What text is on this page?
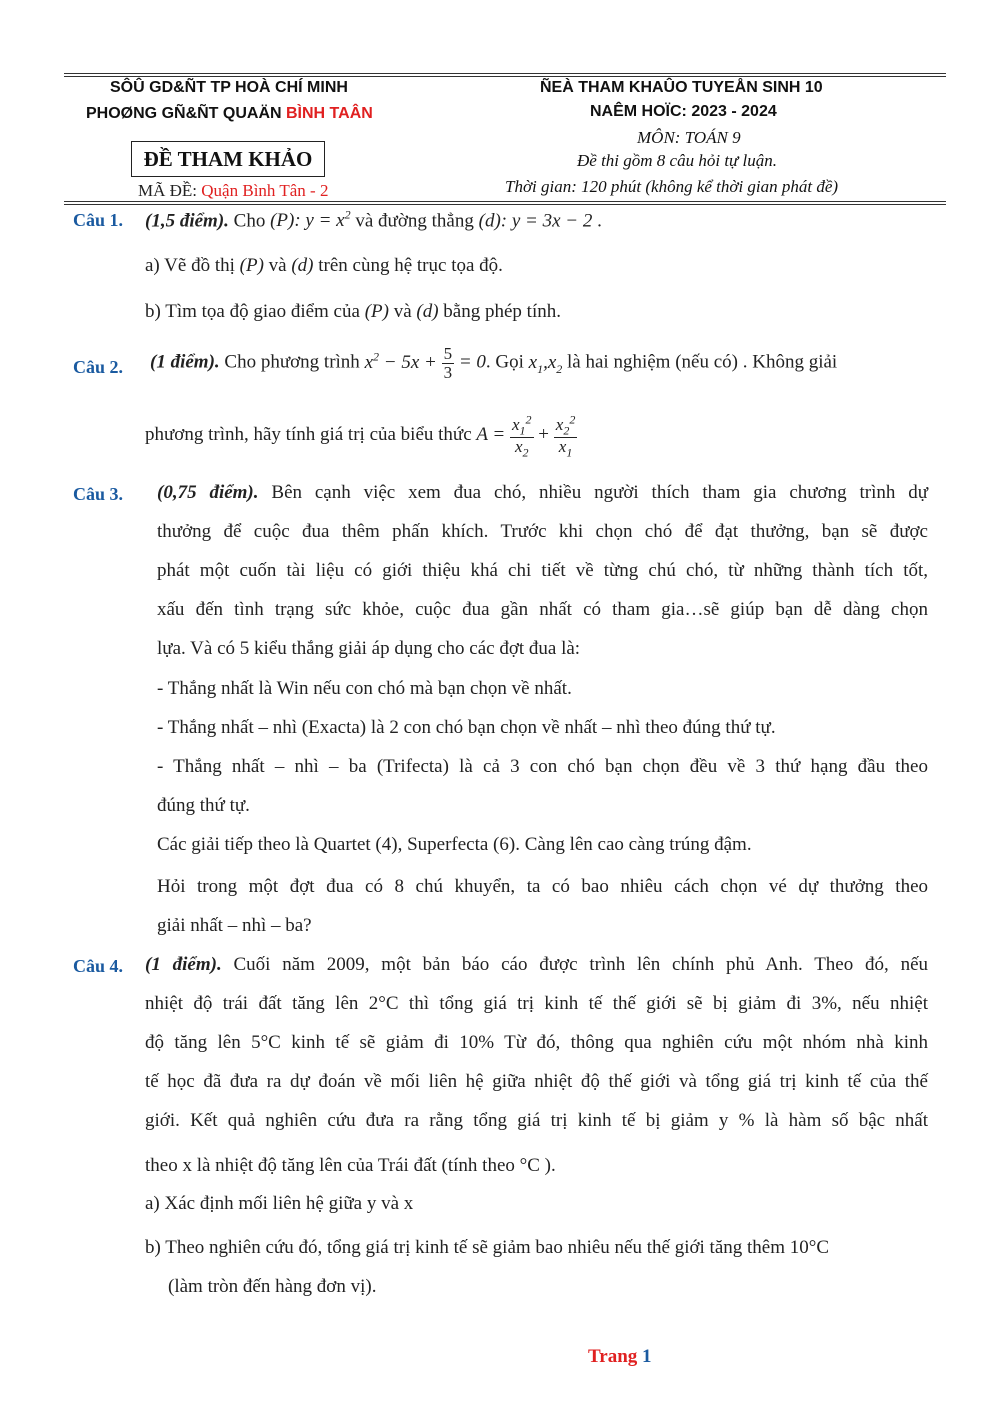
SÔÛ GD&ÑT TP HOÀ CHÍ MINH
PHOØNG GÑ&ÑT QUAÄN BÌNH TAÂN
ÑEÀ THAM KHAÛO TUYEÅN SINH 10
NAÊM HOÏC: 2023 - 2024
MÔN: TOÁN 9
Đề thi gồm 8 câu hỏi tự luận.
Thời gian: 120 phút (không kể thời gian phát đề)
ĐỀ THAM KHẢO
MÃ ĐỀ: Quận Bình Tân - 2
Câu 1. (1,5 điểm). Cho (P): $y = x^2$ và đường thẳng (d): y = 3x − 2 .
a) Vẽ đồ thị (P) và (d) trên cùng hệ trục tọa độ.
b) Tìm tọa độ giao điểm của (P) và (d) bằng phép tính.
Câu 2. (1 điểm). Cho phương trình $x^2 - 5x + \frac{5}{3} = 0$. Gọi $x_1,x_2$ là hai nghiệm (nếu có) . Không giải
phương trình, hãy tính giá trị của biểu thức $A = \frac{x_1^2}{x_2} + \frac{x_2^2}{x_1}$
Câu 3. (0,75 điểm). Bên cạnh việc xem đua chó, nhiều người thích tham gia chương trình dự
thưởng để cuộc đua thêm phấn khích. Trước khi chọn chó để đạt thưởng, bạn sẽ được
phát một cuốn tài liệu có giới thiệu khá chi tiết về từng chú chó, từ những thành tích tốt,
xấu đến tình trạng sức khỏe, cuộc đua gần nhất có tham gia…sẽ giúp bạn dễ dàng chọn
lựa. Và có 5 kiểu thắng giải áp dụng cho các đợt đua là:
- Thắng nhất là Win nếu con chó mà bạn chọn về nhất.
- Thắng nhất – nhì (Exacta) là 2 con chó bạn chọn về nhất – nhì theo đúng thứ tự.
- Thắng nhất – nhì – ba (Trifecta) là cả 3 con chó bạn chọn đều về 3 thứ hạng đầu theo
đúng thứ tự.
Các giải tiếp theo là Quartet (4), Superfecta (6). Càng lên cao càng trúng đậm.
Hỏi trong một đợt đua có 8 chú khuyển, ta có bao nhiêu cách chọn vé dự thưởng theo
giải nhất – nhì – ba?
Câu 4. (1 điểm). Cuối năm 2009, một bản báo cáo được trình lên chính phủ Anh. Theo đó, nếu
nhiệt độ trái đất tăng lên 2°C thì tổng giá trị kinh tế thế giới sẽ bị giảm đi 3%, nếu nhiệt
độ tăng lên 5°C kinh tế sẽ giảm đi 10% Từ đó, thông qua nghiên cứu một nhóm nhà kinh
tế học đã đưa ra dự đoán về mối liên hệ giữa nhiệt độ thế giới và tổng giá trị kinh tế của thế
giới. Kết quả nghiên cứu đưa ra rằng tổng giá trị kinh tế bị giảm y % là hàm số bậc nhất
theo x là nhiệt độ tăng lên của Trái đất (tính theo °C ).
a) Xác định mối liên hệ giữa y và x
b) Theo nghiên cứu đó, tổng giá trị kinh tế sẽ giảm bao nhiêu nếu thế giới tăng thêm 10°C
(làm tròn đến hàng đơn vị).
Trang 1
